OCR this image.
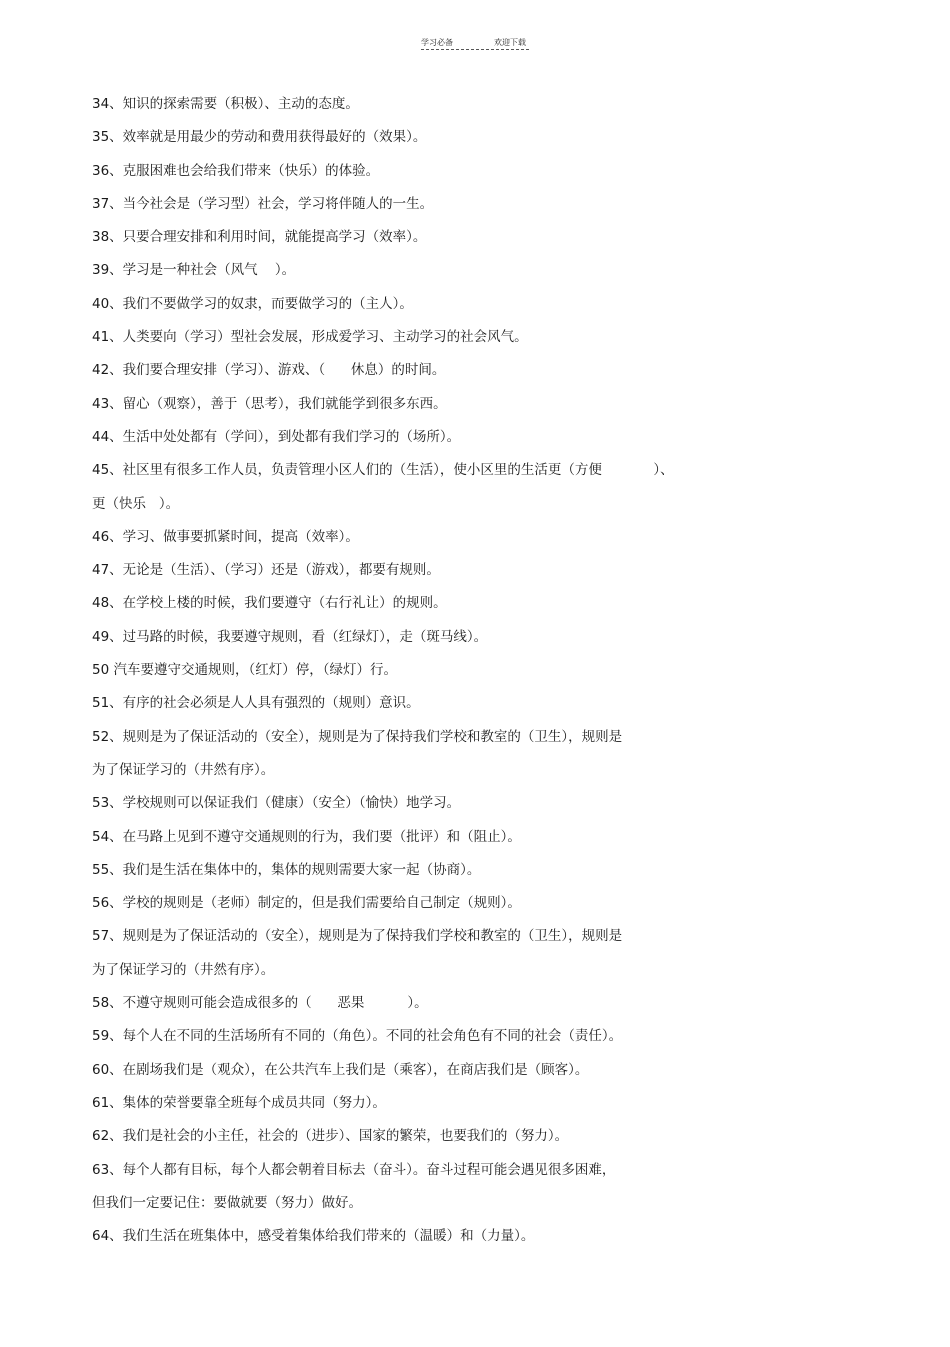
学习必备	欢迎下载
34、知识的探索需要（积极）、主动的态度。
35、效率就是用最少的劳动和费用获得最好的（效果）。
36、克服困难也会给我们带来（快乐）的体验。
37、当今社会是（学习型）社会，学习将伴随人的一生。
38、只要合理安排和利用时间，就能提高学习（效率）。
39、学习是一种社会（风气    ）。
40、我们不要做学习的奴隶，而要做学习的（主人）。
41、人类要向（学习）型社会发展，形成爱学习、主动学习的社会风气。
42、我们要合理安排（学习）、游戏、（      休息）的时间。
43、留心（观察），善于（思考），我们就能学到很多东西。
44、生活中处处都有（学问），到处都有我们学习的（场所）。
45、社区里有很多工作人员，负责管理小区人们的（生活），使小区里的生活更（方便            ）、
更（快乐   ）。
46、学习、做事要抓紧时间，提高（效率）。
47、无论是（生活）、（学习）还是（游戏），都要有规则。
48、在学校上楼的时候，我们要遵守（右行礼让）的规则。
49、过马路的时候，我要遵守规则，看（红绿灯），走（斑马线）。
50 汽车要遵守交通规则，（红灯）停，（绿灯）行。
51、有序的社会必须是人人具有强烈的（规则）意识。
52、规则是为了保证活动的（安全），规则是为了保持我们学校和教室的（卫生），规则是
为了保证学习的（井然有序）。
53、学校规则可以保证我们（健康）（安全）（愉快）地学习。
54、在马路上见到不遵守交通规则的行为，我们要（批评）和（阻止）。
55、我们是生活在集体中的，集体的规则需要大家一起（协商）。
56、学校的规则是（老师）制定的，但是我们需要给自己制定（规则）。
57、规则是为了保证活动的（安全），规则是为了保持我们学校和教室的（卫生），规则是
为了保证学习的（井然有序）。
58、不遵守规则可能会造成很多的（      恶果          ）。
59、每个人在不同的生活场所有不同的（角色）。不同的社会角色有不同的社会（责任）。
60、在剧场我们是（观众），在公共汽车上我们是（乘客），在商店我们是（顾客）。
61、集体的荣誉要靠全班每个成员共同（努力）。
62、我们是社会的小主任，社会的（进步）、国家的繁荣，也要我们的（努力）。
63、每个人都有目标，每个人都会朝着目标去（奋斗）。奋斗过程可能会遇见很多困难，
但我们一定要记住：要做就要（努力）做好。
64、我们生活在班集体中，感受着集体给我们带来的（温暖）和（力量）。
